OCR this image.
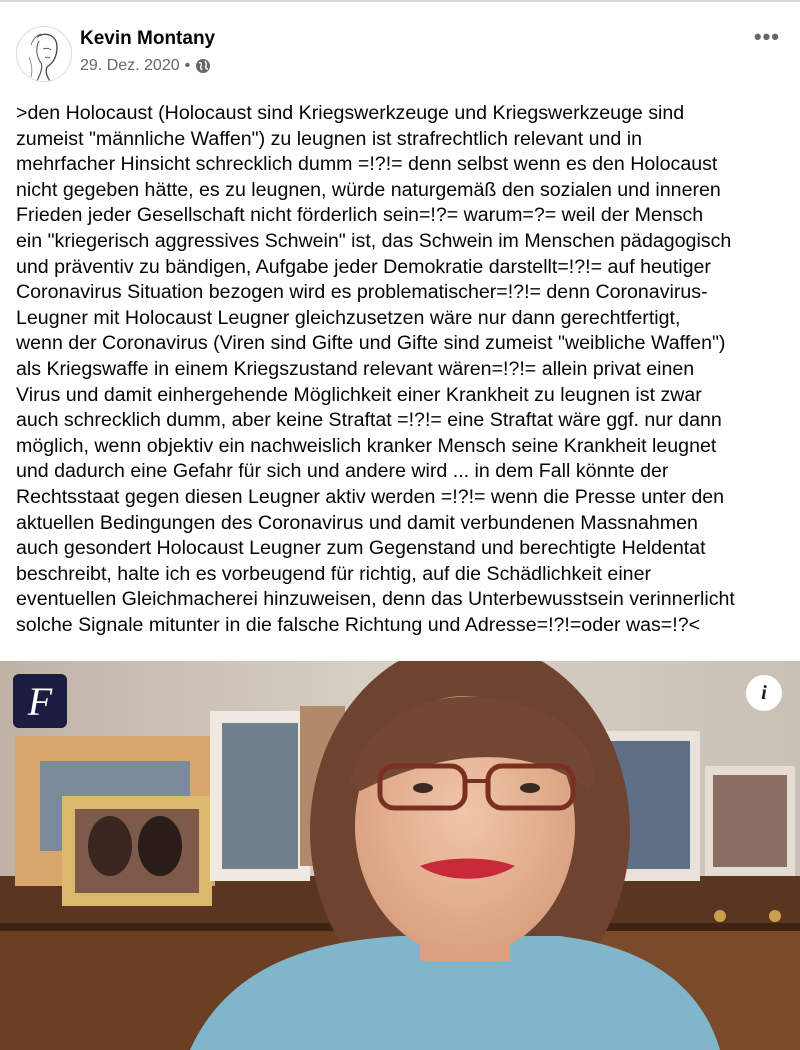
Kevin Montany
29. Dez. 2020 •
•••
>den Holocaust (Holocaust sind Kriegswerkzeuge und Kriegswerkzeuge sind
zumeist "männliche Waffen") zu leugnen ist strafrechtlich relevant und in
mehrfacher Hinsicht schrecklich dumm =!?!= denn selbst wenn es den Holocaust
nicht gegeben hätte, es zu leugnen, würde naturgemäß den sozialen und inneren
Frieden jeder Gesellschaft nicht förderlich sein=!?= warum=?= weil der Mensch
ein "kriegerisch aggressives Schwein" ist, das Schwein im Menschen pädagogisch
und präventiv zu bändigen, Aufgabe jeder Demokratie darstellt=!?!= auf heutiger
Coronavirus Situation bezogen wird es problematischer=!?!= denn Coronavirus-
Leugner mit Holocaust Leugner gleichzusetzen wäre nur dann gerechtfertigt,
wenn der Coronavirus (Viren sind Gifte und Gifte sind zumeist "weibliche Waffen")
als Kriegswaffe in einem Kriegszustand relevant wären=!?!= allein privat einen
Virus und damit einhergehende Möglichkeit einer Krankheit zu leugnen ist zwar
auch schrecklich dumm, aber keine Straftat =!?!= eine Straftat wäre ggf. nur dann
möglich, wenn objektiv ein nachweislich kranker Mensch seine Krankheit leugnet
und dadurch eine Gefahr für sich und andere wird ... in dem Fall könnte der
Rechtsstaat gegen diesen Leugner aktiv werden =!?!= wenn die Presse unter den
aktuellen Bedingungen des Coronavirus und damit verbundenen Massnahmen
auch gesondert Holocaust Leugner zum Gegenstand und berechtigte Heldentat
beschreibt, halte ich es vorbeugend für richtig, auf die Schädlichkeit einer
eventuellen Gleichmacherei hinzuweisen, denn das Unterbewusstsein verinnerlicht
solche Signale mitunter in die falsche Richtung und Adresse=!?!=oder was=!?<
F	i
